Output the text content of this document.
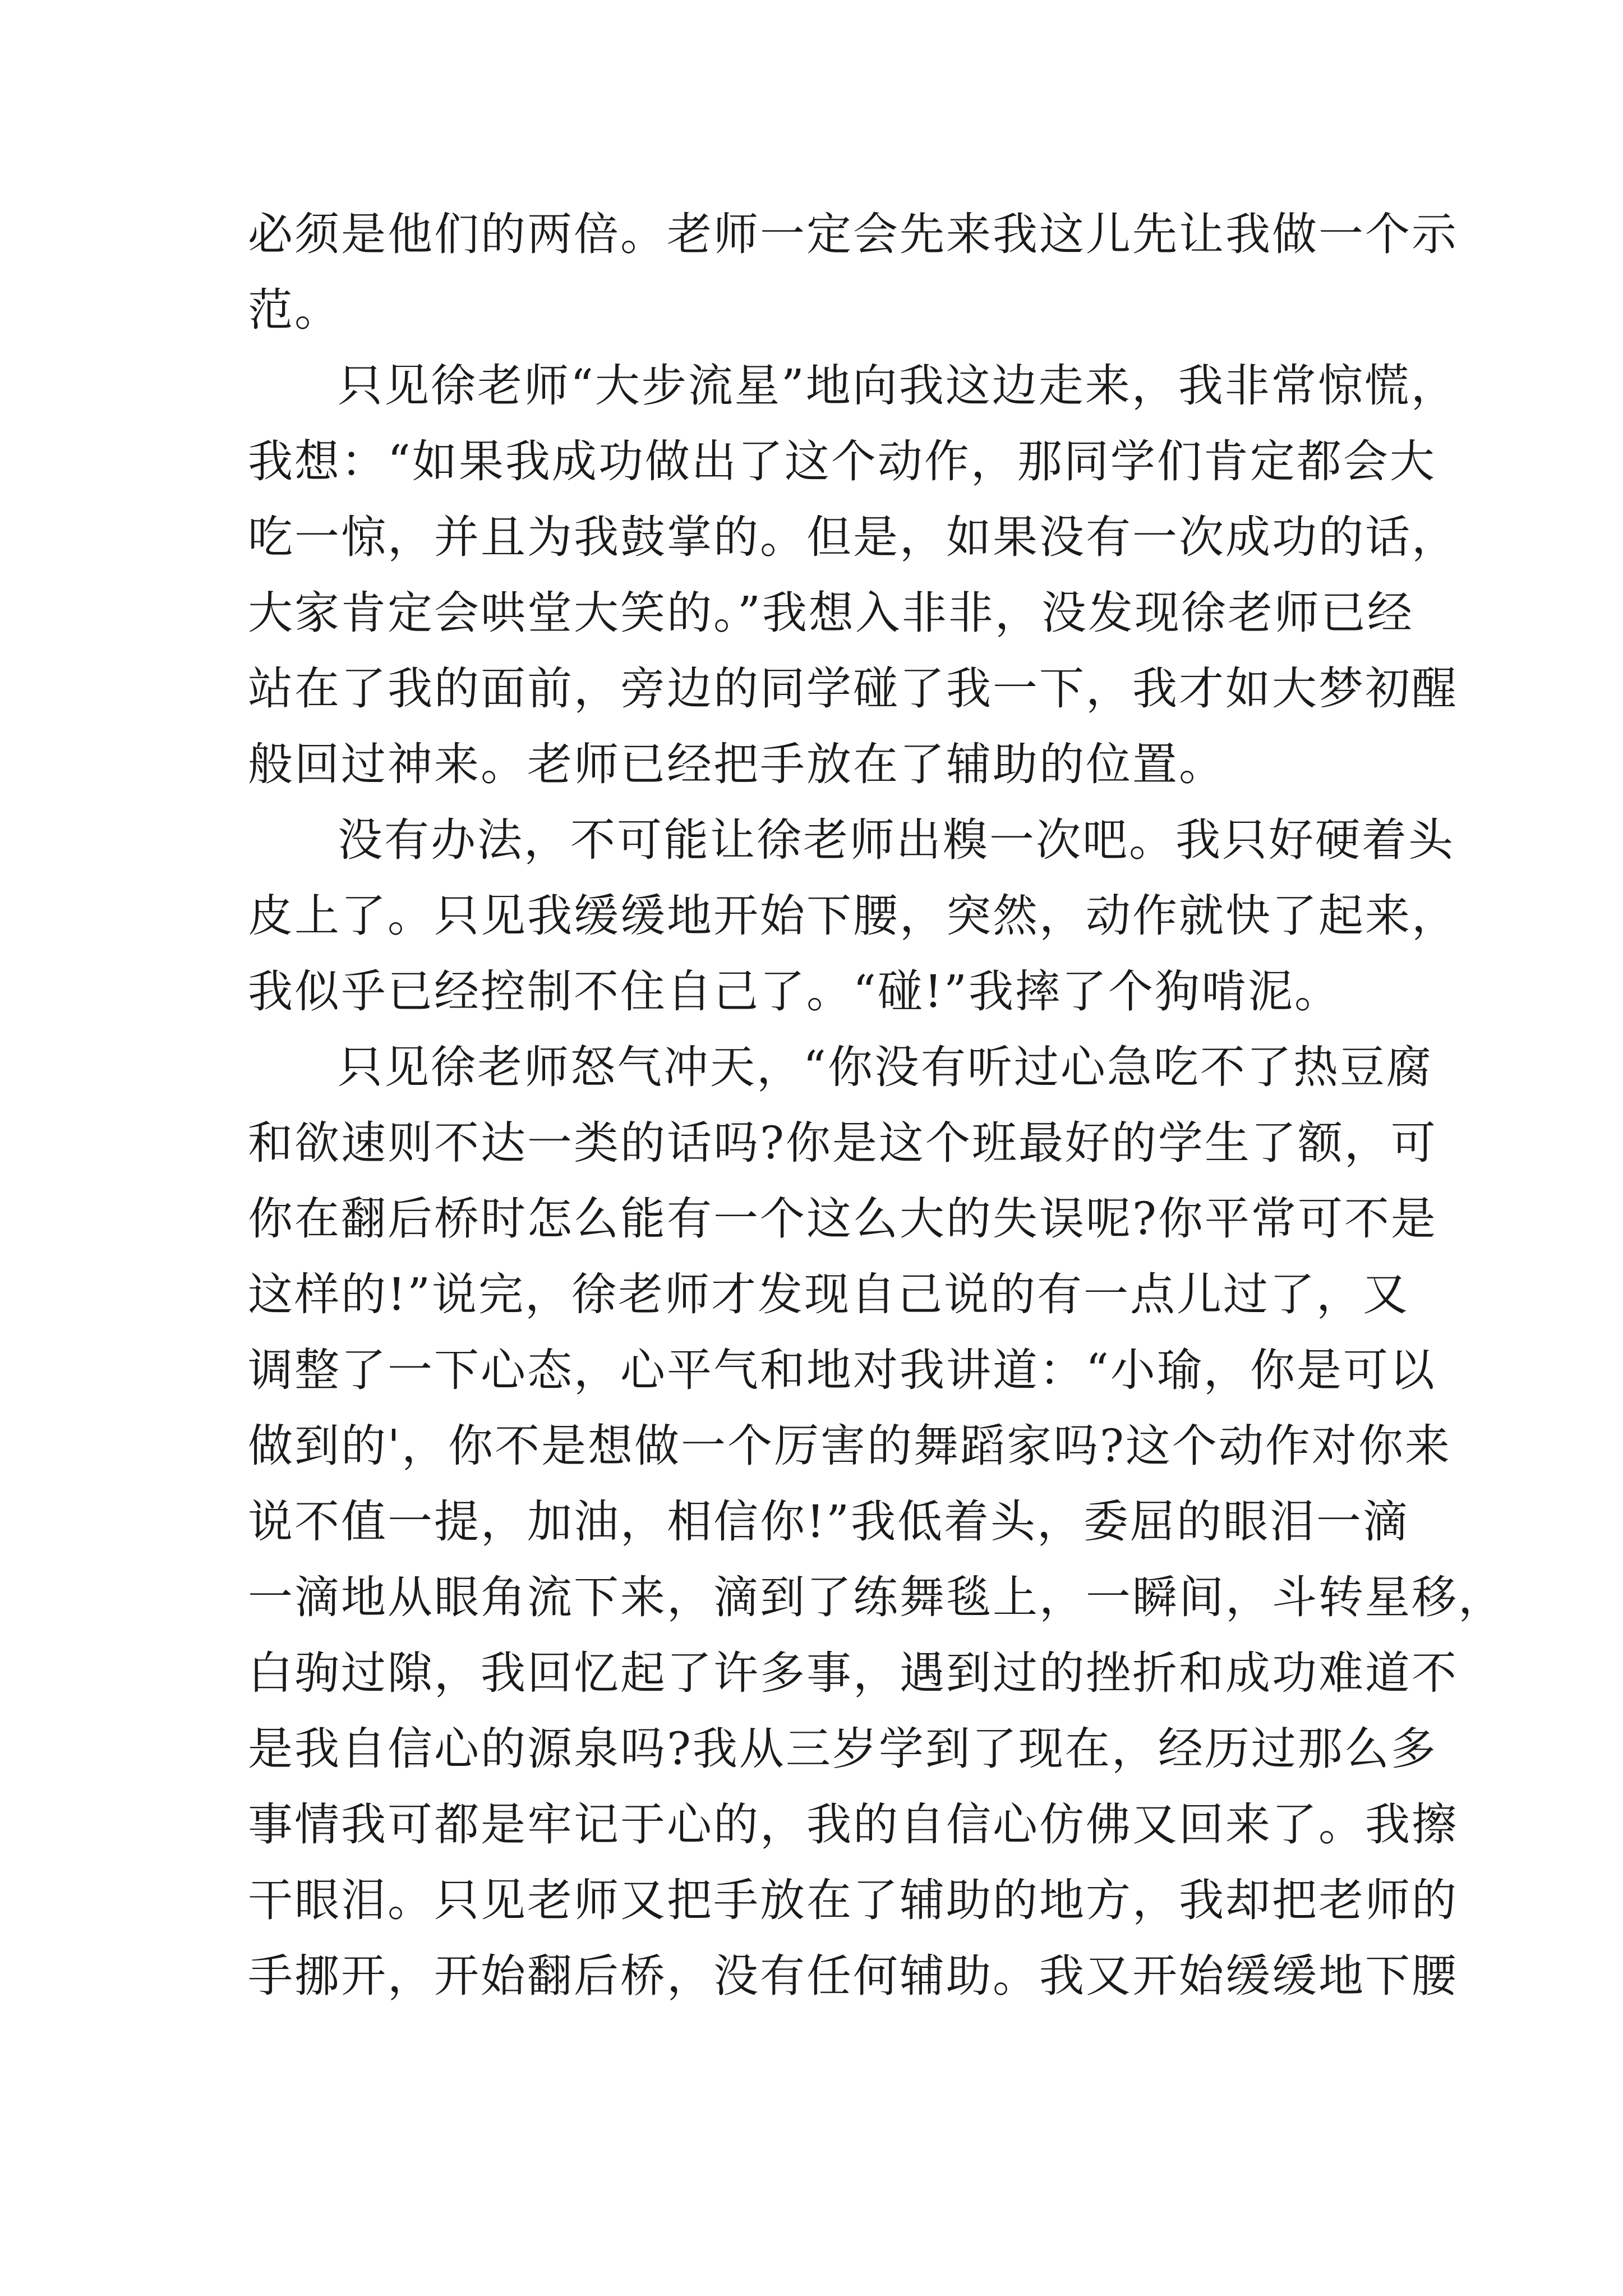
必须是他们的两倍。老师一定会先来我这儿先让我做一个示
范。
只见徐老师“大步流星”地向我这边走来，我非常惊慌，
我想：“如果我成功做出了这个动作，那同学们肯定都会大
吃一惊，并且为我鼓掌的。但是，如果没有一次成功的话，
大家肯定会哄堂大笑的。”我想入非非，没发现徐老师已经
站在了我的面前，旁边的同学碰了我一下，我才如大梦初醒
般回过神来。老师已经把手放在了辅助的位置。
没有办法，不可能让徐老师出糗一次吧。我只好硬着头
皮上了。只见我缓缓地开始下腰，突然，动作就快了起来，
我似乎已经控制不住自己了。“碰!”我摔了个狗啃泥。
只见徐老师怒气冲天，“你没有听过心急吃不了热豆腐
和欲速则不达一类的话吗?你是这个班最好的学生了额，可
你在翻后桥时怎么能有一个这么大的失误呢?你平常可不是
这样的!”说完，徐老师才发现自己说的有一点儿过了，又
调整了一下心态，心平气和地对我讲道：“小瑜，你是可以
做到的'，你不是想做一个厉害的舞蹈家吗?这个动作对你来
说不值一提，加油，相信你!”我低着头，委屈的眼泪一滴
一滴地从眼角流下来，滴到了练舞毯上，一瞬间，斗转星移，
白驹过隙，我回忆起了许多事，遇到过的挫折和成功难道不
是我自信心的源泉吗?我从三岁学到了现在，经历过那么多
事情我可都是牢记于心的，我的自信心仿佛又回来了。我擦
干眼泪。只见老师又把手放在了辅助的地方，我却把老师的
手挪开，开始翻后桥，没有任何辅助。我又开始缓缓地下腰
